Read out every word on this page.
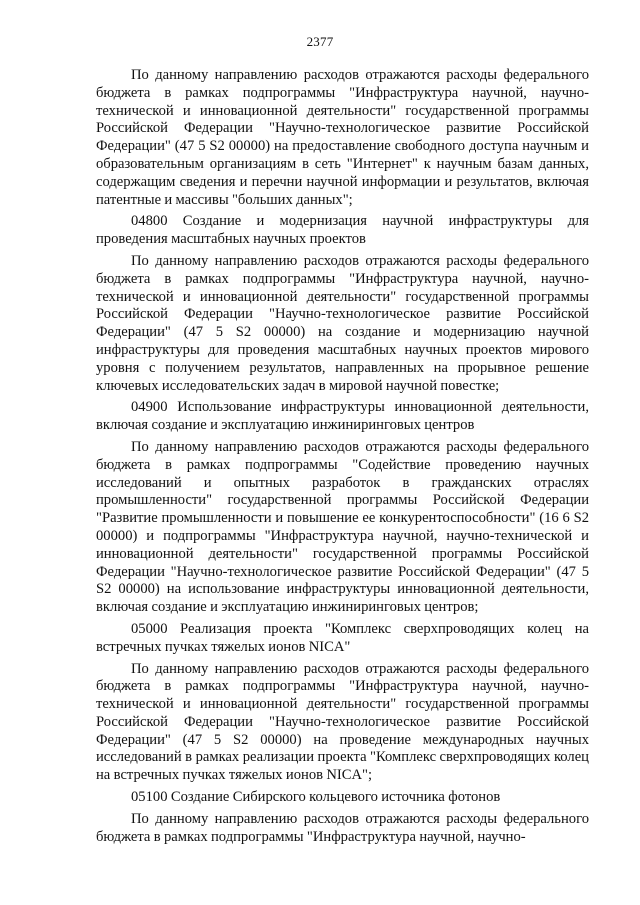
2377

По данному направлению расходов отражаются расходы федерального бюджета в рамках подпрограммы "Инфраструктура научной, научно-технической и инновационной деятельности" государственной программы Российской Федерации "Научно-технологическое развитие Российской Федерации" (47 5 S2 00000) на предоставление свободного доступа научным и образовательным организациям в сеть "Интернет" к научным базам данных, содержащим сведения и перечни научной информации и результатов, включая патентные и массивы "больших данных";

04800 Создание и модернизация научной инфраструктуры для проведения масштабных научных проектов

По данному направлению расходов отражаются расходы федерального бюджета в рамках подпрограммы "Инфраструктура научной, научно-технической и инновационной деятельности" государственной программы Российской Федерации "Научно-технологическое развитие Российской Федерации" (47 5 S2 00000) на создание и модернизацию научной инфраструктуры для проведения масштабных научных проектов мирового уровня с получением результатов, направленных на прорывное решение ключевых исследовательских задач в мировой научной повестке;

04900 Использование инфраструктуры инновационной деятельности, включая создание и эксплуатацию инжиниринговых центров

По данному направлению расходов отражаются расходы федерального бюджета в рамках подпрограммы "Содействие проведению научных исследований и опытных разработок в гражданских отраслях промышленности" государственной программы Российской Федерации "Развитие промышленности и повышение ее конкурентоспособности" (16 6 S2 00000) и подпрограммы "Инфраструктура научной, научно-технической и инновационной деятельности" государственной программы Российской Федерации "Научно-технологическое развитие Российской Федерации" (47 5 S2 00000) на использование инфраструктуры инновационной деятельности, включая создание и эксплуатацию инжиниринговых центров;

05000 Реализация проекта "Комплекс сверхпроводящих колец на встречных пучках тяжелых ионов NICA"

По данному направлению расходов отражаются расходы федерального бюджета в рамках подпрограммы "Инфраструктура научной, научно-технической и инновационной деятельности" государственной программы Российской Федерации "Научно-технологическое развитие Российской Федерации" (47 5 S2 00000) на проведение международных научных исследований в рамках реализации проекта "Комплекс сверхпроводящих колец на встречных пучках тяжелых ионов NICA";

05100 Создание Сибирского кольцевого источника фотонов

По данному направлению расходов отражаются расходы федерального бюджета в рамках подпрограммы "Инфраструктура научной, научно-
